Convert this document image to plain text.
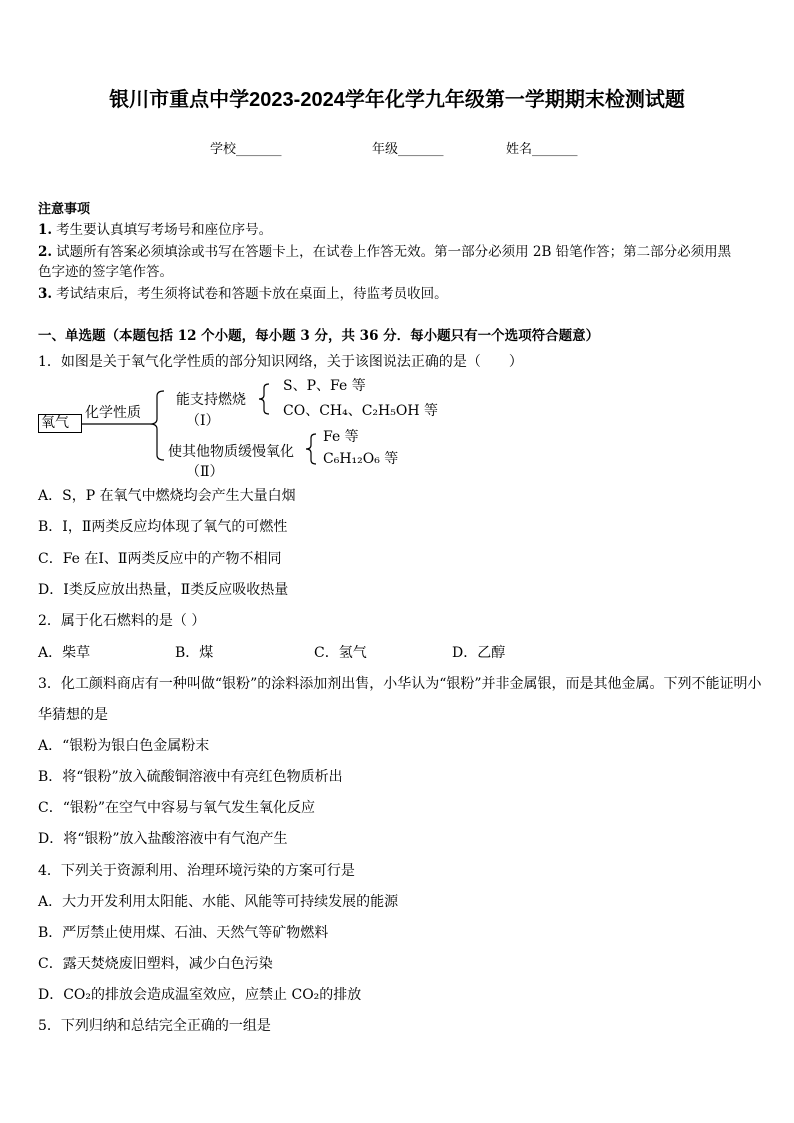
银川市重点中学2023-2024学年化学九年级第一学期期末检测试题
学校_______	年级_______	姓名_______
注意事项
1. 考生要认真填写考场号和座位序号。
2. 试题所有答案必须填涂或书写在答题卡上，在试卷上作答无效。第一部分必须用 2B 铅笔作答；第二部分必须用黑
色字迹的签字笔作答。
3. 考试结束后，考生须将试卷和答题卡放在桌面上，待监考员收回。
一、单选题（本题包括 12 个小题，每小题 3 分，共 36 分．每小题只有一个选项符合题意）
1．如图是关于氧气化学性质的部分知识网络，关于该图说法正确的是（　　）
氧气
化学性质
能支持燃烧
（Ⅰ）
S、P、Fe 等
CO、CH₄、C₂H₅OH 等
使其他物质缓慢氧化
（Ⅱ）
Fe 等
C₆H₁₂O₆ 等
A．S，P 在氧气中燃烧均会产生大量白烟
B．Ⅰ，Ⅱ两类反应均体现了氧气的可燃性
C．Fe 在Ⅰ、Ⅱ两类反应中的产物不相同
D．Ⅰ类反应放出热量，Ⅱ类反应吸收热量
2．属于化石燃料的是（ ）
A．柴草	B．煤	C．氢气	D．乙醇
3．化工颜料商店有一种叫做“银粉”的涂料添加剂出售，小华认为“银粉”并非金属银，而是其他金属。下列不能证明小
华猜想的是
A．“银粉为银白色金属粉末
B．将“银粉”放入硫酸铜溶液中有亮红色物质析出
C．“银粉”在空气中容易与氧气发生氧化反应
D．将“银粉”放入盐酸溶液中有气泡产生
4．下列关于资源利用、治理环境污染的方案可行是
A．大力开发利用太阳能、水能、风能等可持续发展的能源
B．严厉禁止使用煤、石油、天然气等矿物燃料
C．露天焚烧废旧塑料，减少白色污染
D．CO₂的排放会造成温室效应，应禁止 CO₂的排放
5．下列归纳和总结完全正确的一组是
